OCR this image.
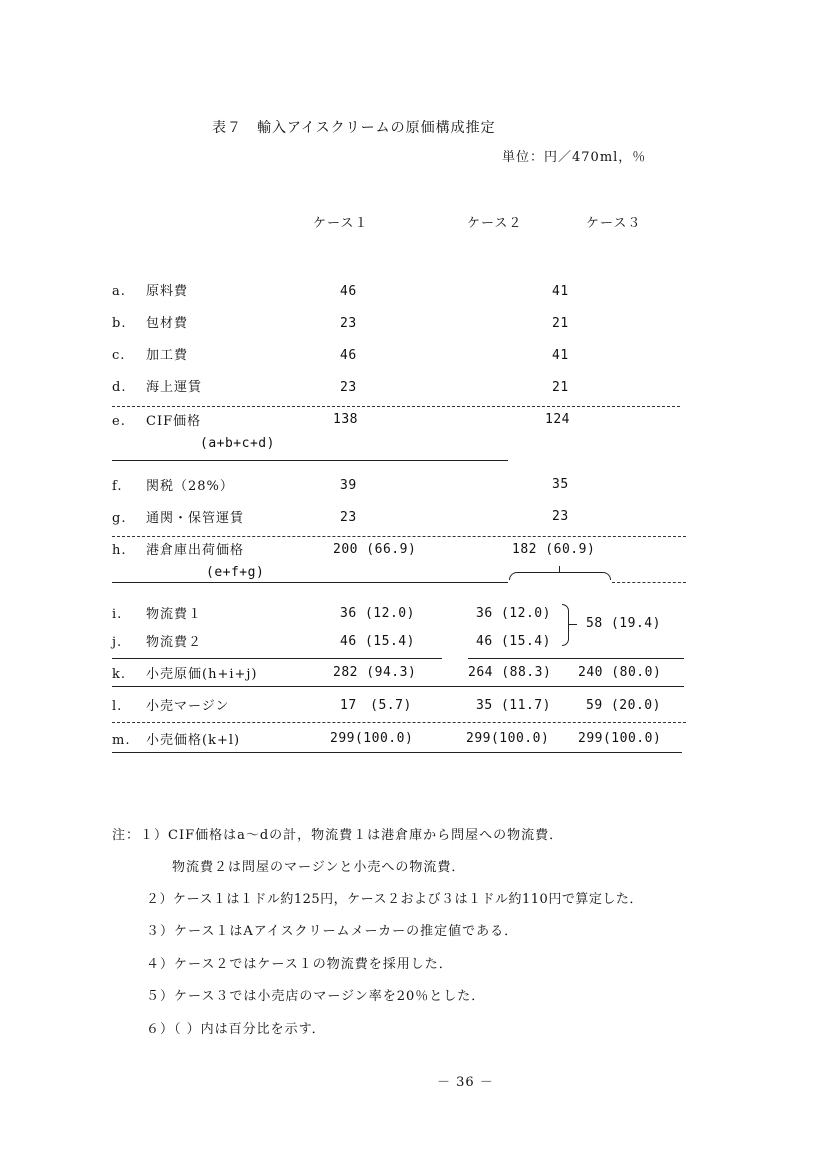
表７　輸入アイスクリームの原価構成推定
単位：円／470ml，％
ケース１	ケース２	ケース３
a. 原料費	46	41
b. 包材費	23	21
c. 加工費	46	41
d. 海上運賃	23	21
e. CIF価格	138	124
(a+b+c+d)
f. 関税（28%）	39	35
g. 通関・保管運賃	23	23
h. 港倉庫出荷価格	200 (66.9)	182 (60.9)
(e+f+g)
i. 物流費１	36 (12.0)	36 (12.0)
j. 物流費２	46 (15.4)	46 (15.4)
58 (19.4)
k. 小売原価(h+i+j)	282 (94.3)	264 (88.3) 240 (80.0)
l. 小売マージン	17　(5.7)	35 (11.7)	59 (20.0)
m. 小売価格(k+l)	299(100.0)	299(100.0) 299(100.0)
注：１）CIF価格はa～dの計，物流費１は港倉庫から問屋への物流費．
物流費２は問屋のマージンと小売への物流費．
２）ケース１は１ドル約125円，ケース２および３は１ドル約110円で算定した．
３）ケース１はAアイスクリームメーカーの推定値である．
４）ケース２ではケース１の物流費を採用した．
５）ケース３では小売店のマージン率を20％とした．
６）（ ）内は百分比を示す．
－ 36 －
